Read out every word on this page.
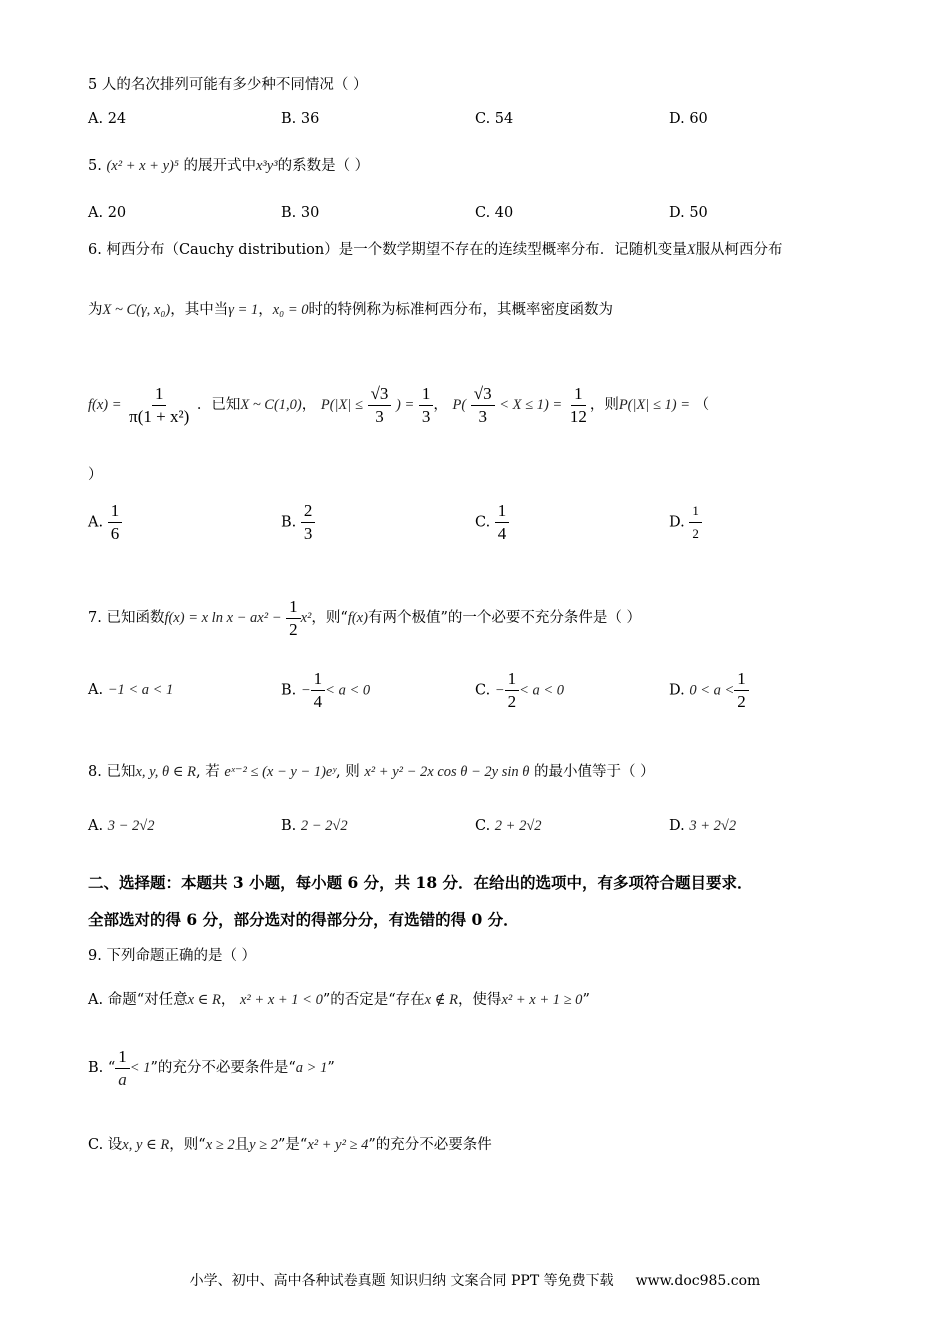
5 人的名次排列可能有多少种不同情况（ ）
A. 24	B. 36	C. 54	D. 60
5. (x² + x + y)⁵ 的展开式中x³y³的系数是（ ）
A. 20	B. 30	C. 40	D. 50
6. 柯西分布（Cauchy distribution）是一个数学期望不存在的连续型概率分布．记随机变量X服从柯西分布
为X ~ C(γ, x₀)，其中当γ = 1，x₀ = 0时的特例称为标准柯西分布，其概率密度函数为
$f(x) = \frac{1}{\text{π(1 + x²)}}$ ．已知X ~ C(1,0)， $P(|X| \le \frac{√3}{3}$ ) = $\frac{1}{3}$ ， $P( \frac{√3}{3} < X \le 1) = \frac{1}{12}$ ，则P(|X| ≤ 1) = （
）
A. $\frac{1}{6}$	B. $\frac{2}{3}$	C. $\frac{1}{4}$	D. $\frac{1}{2}$
7. 已知函数f(x) = x $\ln x - ax^2 - \frac{1}{2} x^2$，则“f(x)有两个极值”的一个必要不充分条件是（ ）
A. −1 < a < 1	B. − $\frac{1}{4} < a < 0$	C. − $\frac{1}{2} < a < 0$	D. $0 < a < \frac{1}{2}$
8. 已知x, y, θ ∈ R, 若 eˣ⁻² ≤ (x − y − 1)eʸ, 则 x² + y² − 2x cos θ − 2y sin θ 的最小值等于（ ）
A. 3 − 2√2	B. 2 − 2√2	C. 2 + 2√2	D. 3 + 2√2
二、选择题：本题共 3 小题，每小题 6 分，共 18 分．在给出的选项中，有多项符合题目要求．
全部选对的得 6 分，部分选对的得部分分，有选错的得 0 分．
9. 下列命题正确的是（ ）
A. 命题“对任意x ∈ R， x² + x + 1 < 0”的否定是“存在x ∉ R，使得x² + x + 1 ≥ 0”
B. “ $\frac{1}{a} < 1$”的充分不必要条件是“a > 1”
C. 设x, y ∈ R，则“x ≥ 2且y ≥ 2”是“x² + y² ≥ 4”的充分不必要条件
小学、初中、高中各种试卷真题 知识归纳 文案合同 PPT 等免费下载 www.doc985.com
